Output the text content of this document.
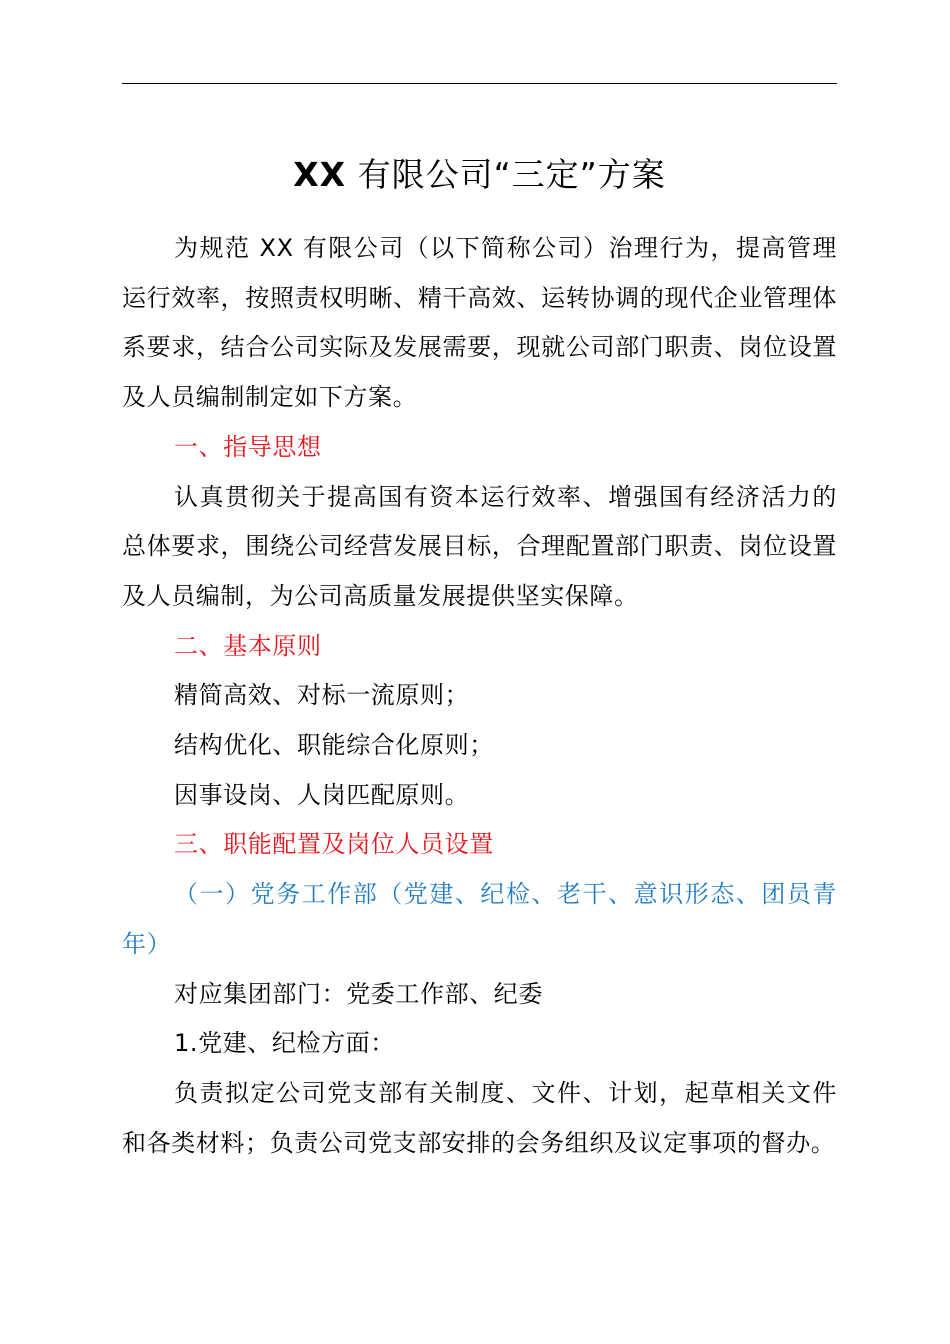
XX 有限公司“三定”方案

为规范 XX 有限公司（以下简称公司）治理行为，提高管理运行效率，按照责权明晰、精干高效、运转协调的现代企业管理体系要求，结合公司实际及发展需要，现就公司部门职责、岗位设置及人员编制制定如下方案。

一、指导思想

认真贯彻关于提高国有资本运行效率、增强国有经济活力的总体要求，围绕公司经营发展目标，合理配置部门职责、岗位设置及人员编制，为公司高质量发展提供坚实保障。

二、基本原则

精简高效、对标一流原则；

结构优化、职能综合化原则；

因事设岗、人岗匹配原则。

三、职能配置及岗位人员设置

（一）党务工作部（党建、纪检、老干、意识形态、团员青年）

对应集团部门：党委工作部、纪委

1.党建、纪检方面：

负责拟定公司党支部有关制度、文件、计划，起草相关文件和各类材料；负责公司党支部安排的会务组织及议定事项的督办。
